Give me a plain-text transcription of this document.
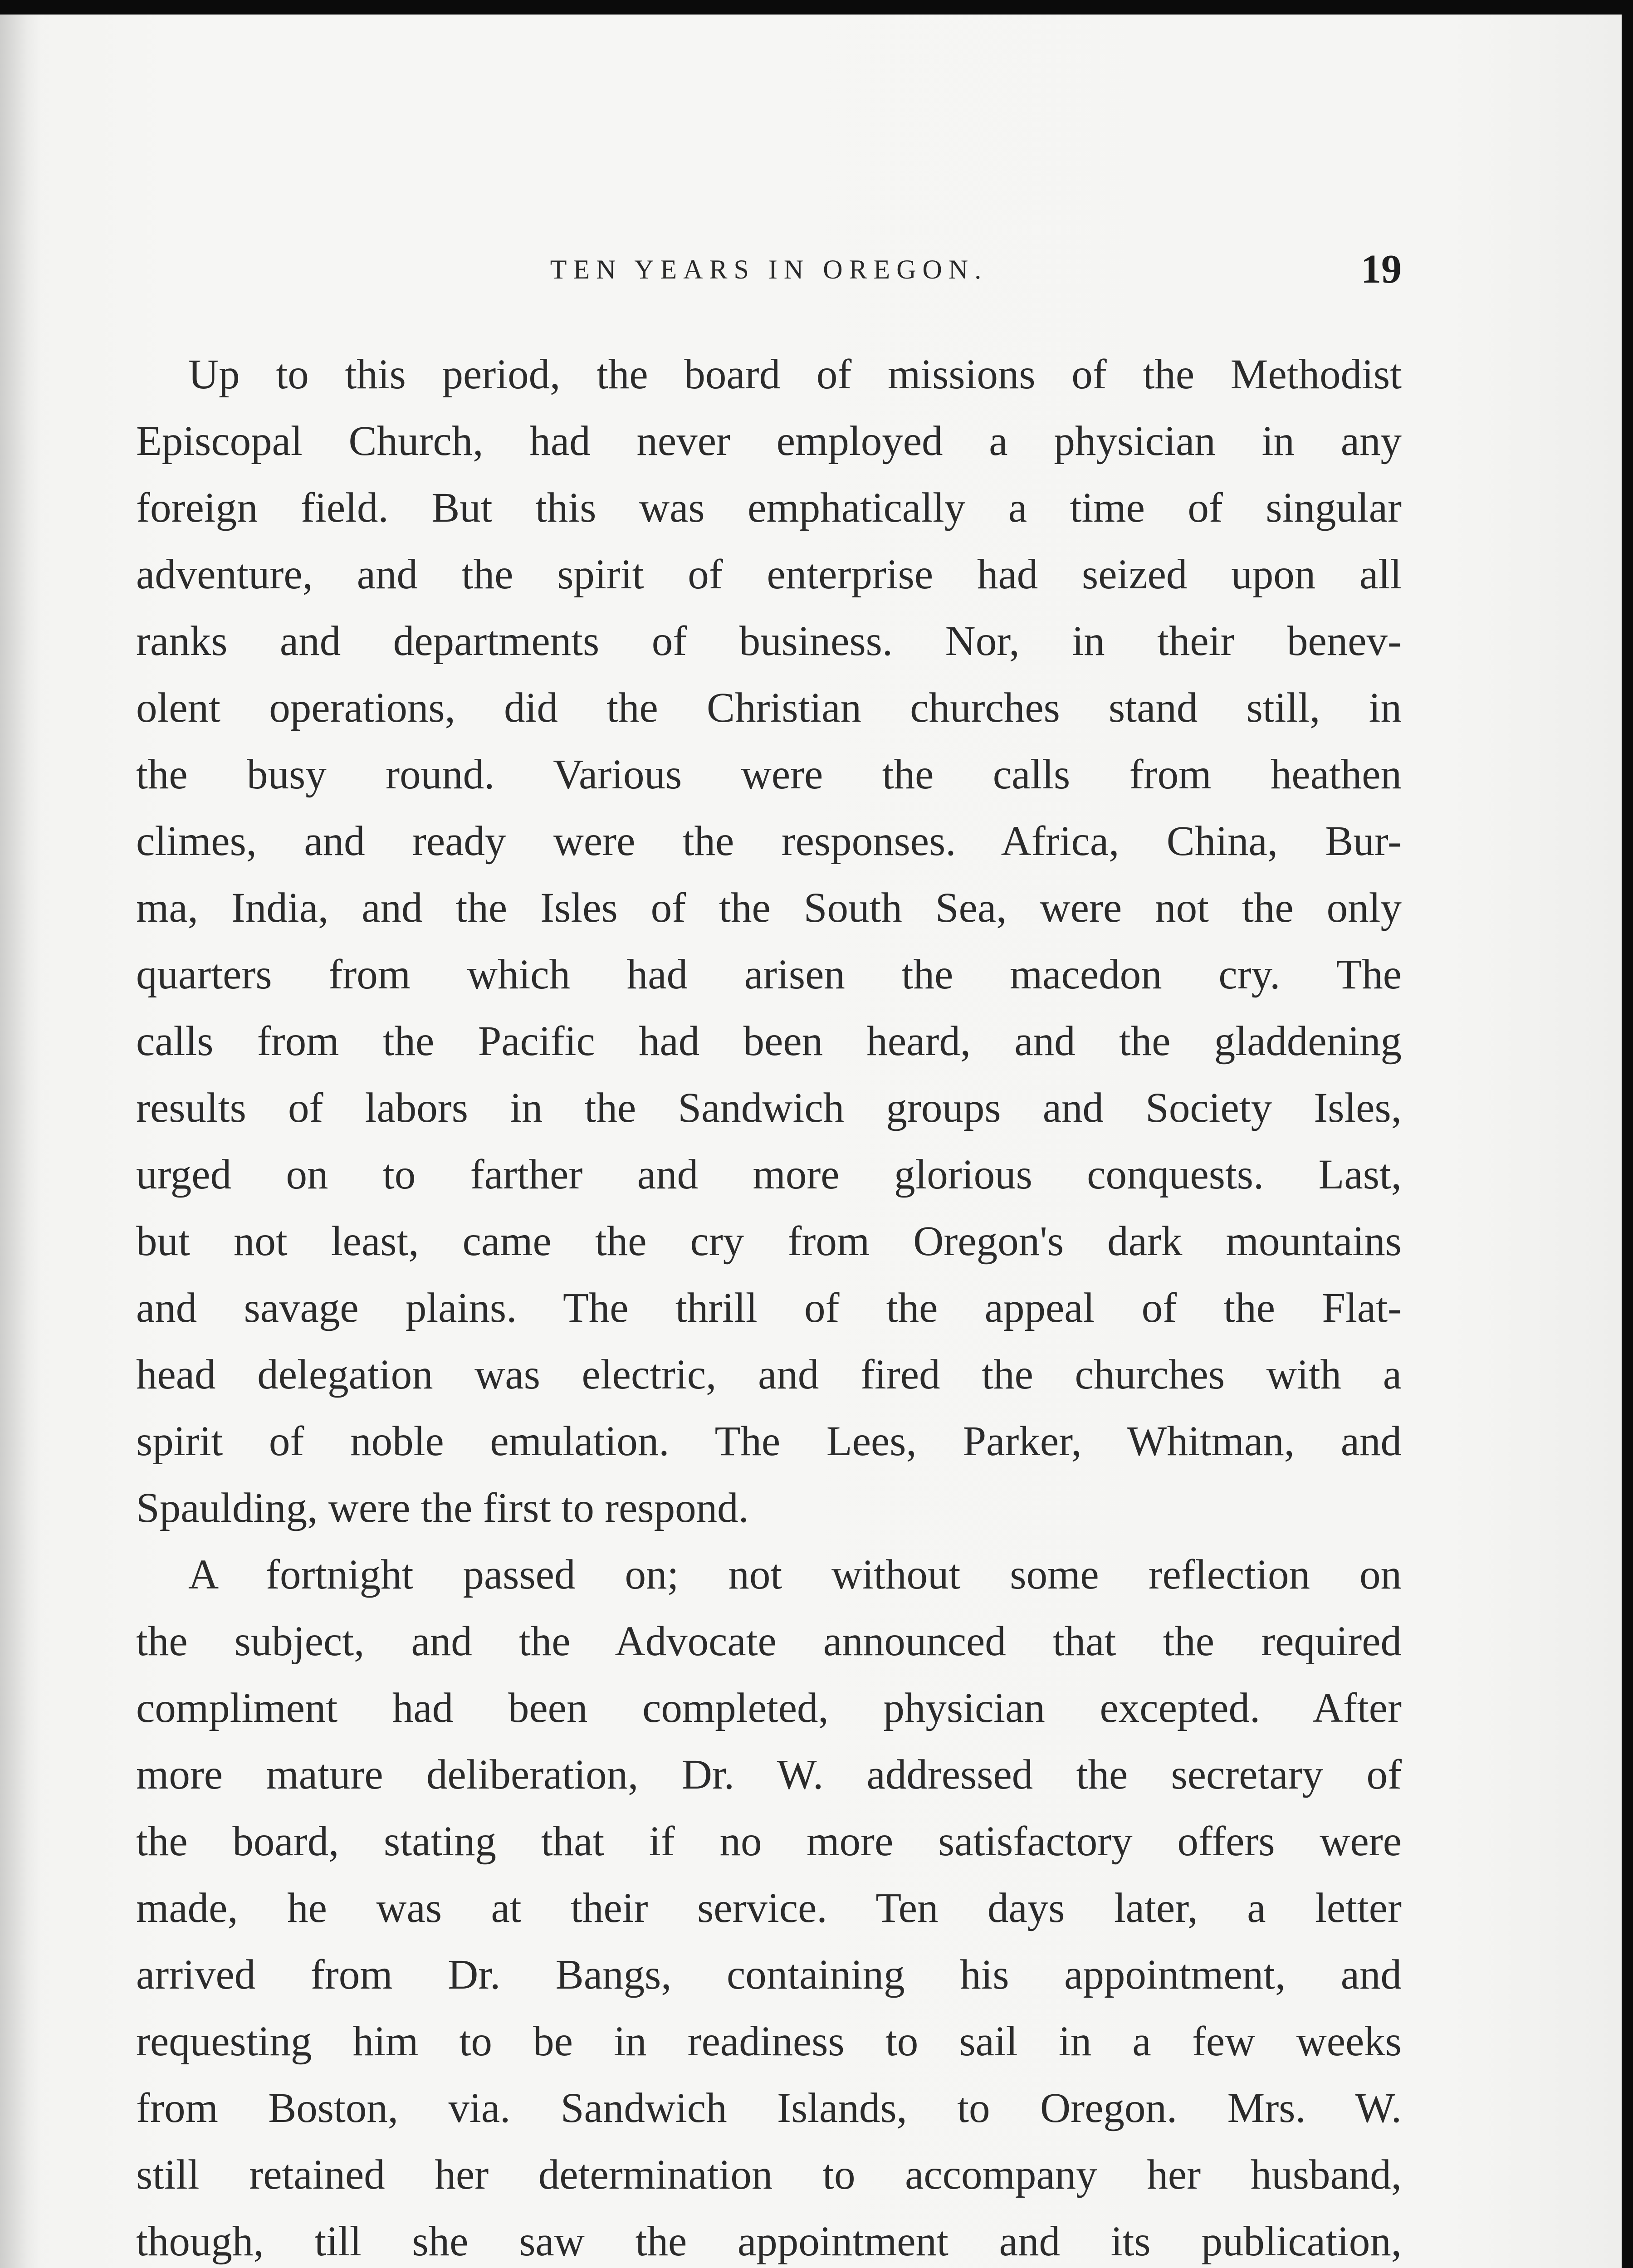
TEN YEARS IN OREGON.	19
Up to this period, the board of missions of the Methodist
Episcopal Church, had never employed a physician in any
foreign field. But this was emphatically a time of singular
adventure, and the spirit of enterprise had seized upon all
ranks and departments of business. Nor, in their benev-
olent operations, did the Christian churches stand still, in
the busy round. Various were the calls from heathen
climes, and ready were the responses. Africa, China, Bur-
ma, India, and the Isles of the South Sea, were not the only
quarters from which had arisen the macedon cry. The
calls from the Pacific had been heard, and the gladdening
results of labors in the Sandwich groups and Society Isles,
urged on to farther and more glorious conquests. Last,
but not least, came the cry from Oregon's dark mountains
and savage plains. The thrill of the appeal of the Flat-
head delegation was electric, and fired the churches with a
spirit of noble emulation. The Lees, Parker, Whitman, and
Spaulding, were the first to respond.
A fortnight passed on; not without some reflection on
the subject, and the Advocate announced that the required
compliment had been completed, physician excepted. After
more mature deliberation, Dr. W. addressed the secretary of
the board, stating that if no more satisfactory offers were
made, he was at their service. Ten days later, a letter
arrived from Dr. Bangs, containing his appointment, and
requesting him to be in readiness to sail in a few weeks
from Boston, via. Sandwich Islands, to Oregon. Mrs. W.
still retained her determination to accompany her husband,
though, till she saw the appointment and its publication,
